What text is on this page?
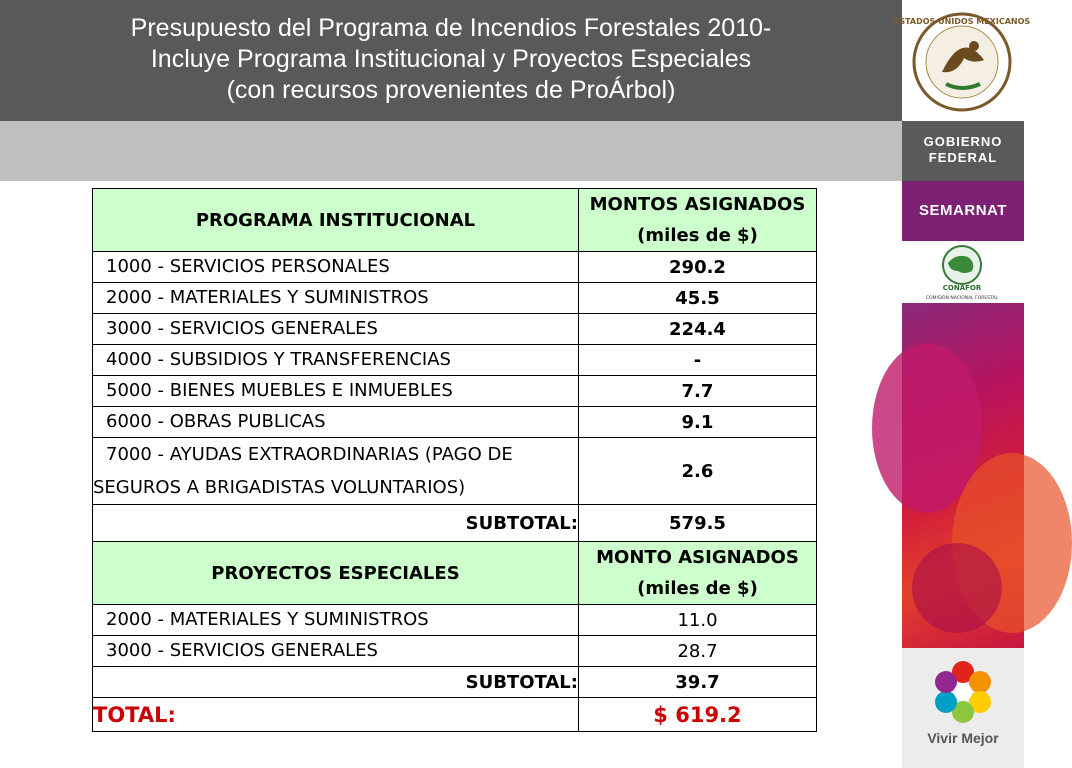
Presupuesto del Programa de Incendios Forestales 2010-
Incluye Programa Institucional y Proyectos Especiales
(con recursos provenientes de ProÁrbol)
ESTADOS UNIDOS MEXICANOS
GOBIERNO
FEDERAL
SEMARNAT
CONAFOR
COMISIÓN NACIONAL FORESTAL
Vivir Mejor
PROGRAMA INSTITUCIONAL	MONTOS ASIGNADOS
(miles de $)

1000 - SERVICIOS PERSONALES	290.2
2000 - MATERIALES Y SUMINISTROS	45.5
3000 - SERVICIOS GENERALES	224.4
4000 - SUBSIDIOS Y TRANSFERENCIAS	-
5000 - BIENES MUEBLES E INMUEBLES	7.7
6000 - OBRAS PUBLICAS	9.1

7000 - AYUDAS EXTRAORDINARIAS (PAGO DE
SEGUROS A BRIGADISTAS VOLUNTARIOS)	2.6
SUBTOTAL:	579.5
PROYECTOS ESPECIALES	MONTO ASIGNADOS
(miles de $)

2000 - MATERIALES Y SUMINISTROS	11.0
3000 - SERVICIOS GENERALES	28.7
SUBTOTAL:	39.7
TOTAL:	$ 619.2
